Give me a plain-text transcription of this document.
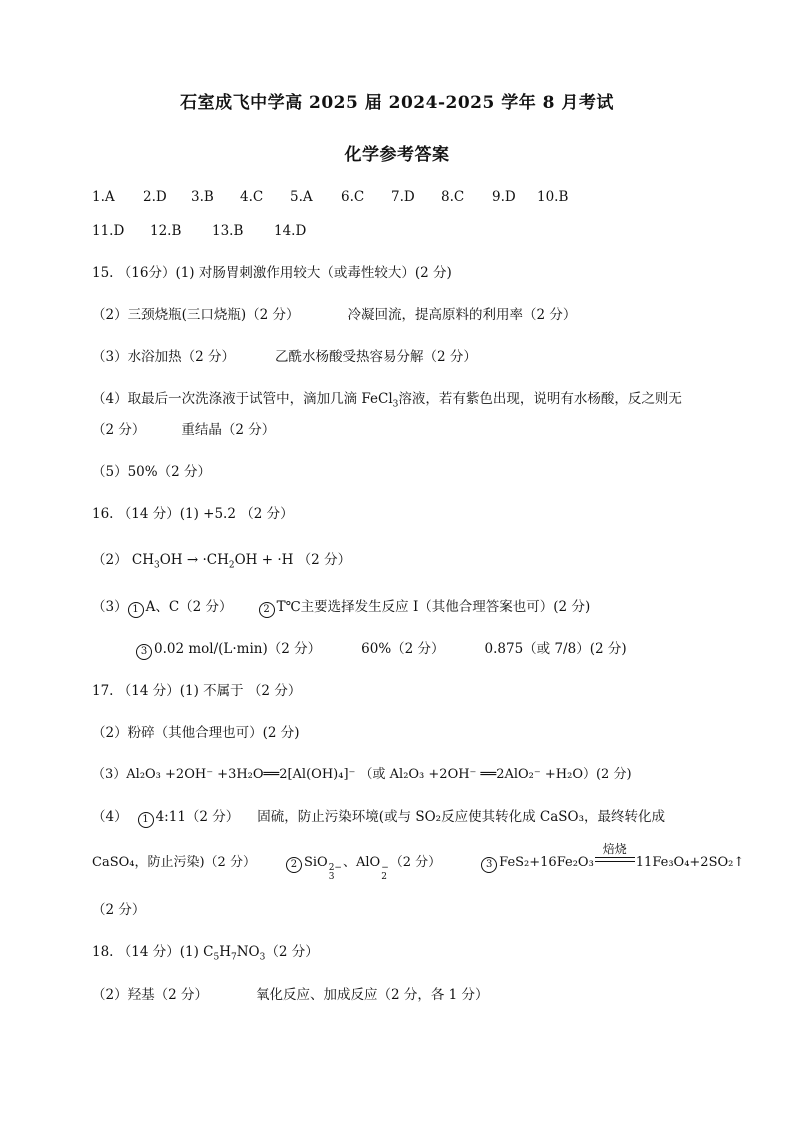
石室成飞中学高 2025 届 2024-2025 学年 8 月考试
化学参考答案
1.A 2.D 3.B 4.C 5.A 6.C 7.D 8.C 9.D 10.B
11.D 12.B 13.B 14.D
15. （16分）(1) 对肠胃刺激作用较大（或毒性较大）(2 分)
（2）三颈烧瓶(三口烧瓶)（2 分）	冷凝回流，提高原料的利用率（2 分）
（3）水浴加热（2 分）	乙酰水杨酸受热容易分解（2 分）
（4）取最后一次洗涤液于试管中，滴加几滴 FeCl$_3$溶液，若有紫色出现，说明有水杨酸，反之则无
（2 分）	重结晶（2 分）
（5）50%（2 分）
16. （14 分）(1) +5.2 （2 分）
（2） $CH_3OH \to \cdot CH_2OH + \cdot H$ （2 分）
（3） 1 A、C（2 分）	2 T℃主要选择发生反应 I（其他合理答案也可）(2 分)
3 0.02 mol/(L·min)（2 分）	60%（2 分）	0.875（或 7/8）(2 分)
17. （14 分）(1) 不属于 （2 分）
（2）粉碎（其他合理也可）(2 分)
（3）Al₂O₃ +2OH⁻ +3H₂O══2[Al(OH)₄]⁻ （或 Al₂O₃ +2OH⁻ ══2AlO₂⁻ +H₂O）(2 分)
（4） 1 4:11（2 分） 固硫，防止污染环境(或与 SO₂反应使其转化成 CaSO₃，最终转化成
CaSO₄，防止污染)（2 分）	2 SiO 2−
3
、AlO −
2
（2 分）	3 FeS₂+16Fe₂O₃
焙烧
11Fe₃O₄+2SO₂↑
（2 分）
18. （14 分）(1) $C_5H_7NO_3(2$ 分）
（2）羟基（2 分）	氧化反应、加成反应（2 分，各 1 分）
